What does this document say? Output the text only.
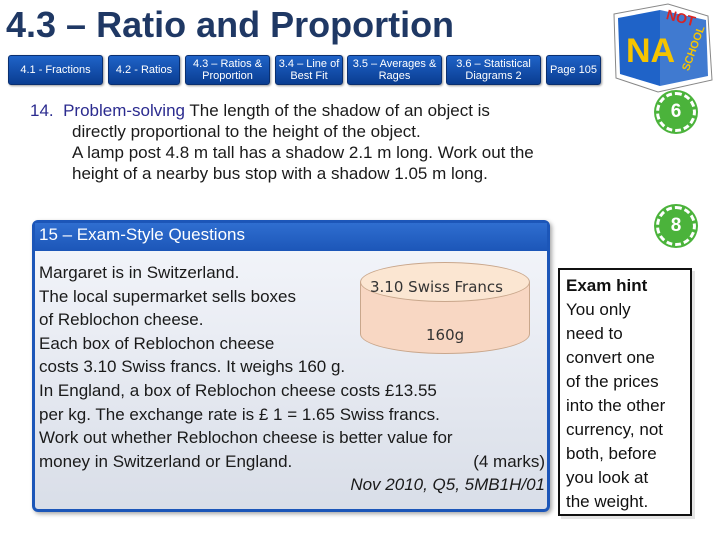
4.3 – Ratio and Proportion
4.1 - Fractions	4.2 - Ratios	4.3 – Ratios & Proportion
3.4 – Line of Best Fit
3.5 – Averages & Rages
3.6 – Statistical Diagrams 2	Page 105 NA
NOT
SCHOOL
14. Problem-solving The length of the shadow of an object is
directly proportional to the height of the object.
A lamp post 4.8 m tall has a shadow 2.1 m long. Work out the
height of a nearby bus stop with a shadow 1.05 m long.
6
8
15 – Exam-Style Questions
Margaret is in Switzerland.
The local supermarket sells boxes
of Reblochon cheese.
Each box of Reblochon cheese
costs 3.10 Swiss francs. It weighs 160 g.
In England, a box of Reblochon cheese costs £13.55
per kg. The exchange rate is £ 1 = 1.65 Swiss francs.
Work out whether Reblochon cheese is better value for
money in Switzerland or England.	(4 marks)
Nov 2010, Q5, 5MB1H/01
3.10 Swiss Francs
160g
Exam hint
You only
need to
convert one
of the prices
into the other
currency, not
both, before
you look at
the weight.
